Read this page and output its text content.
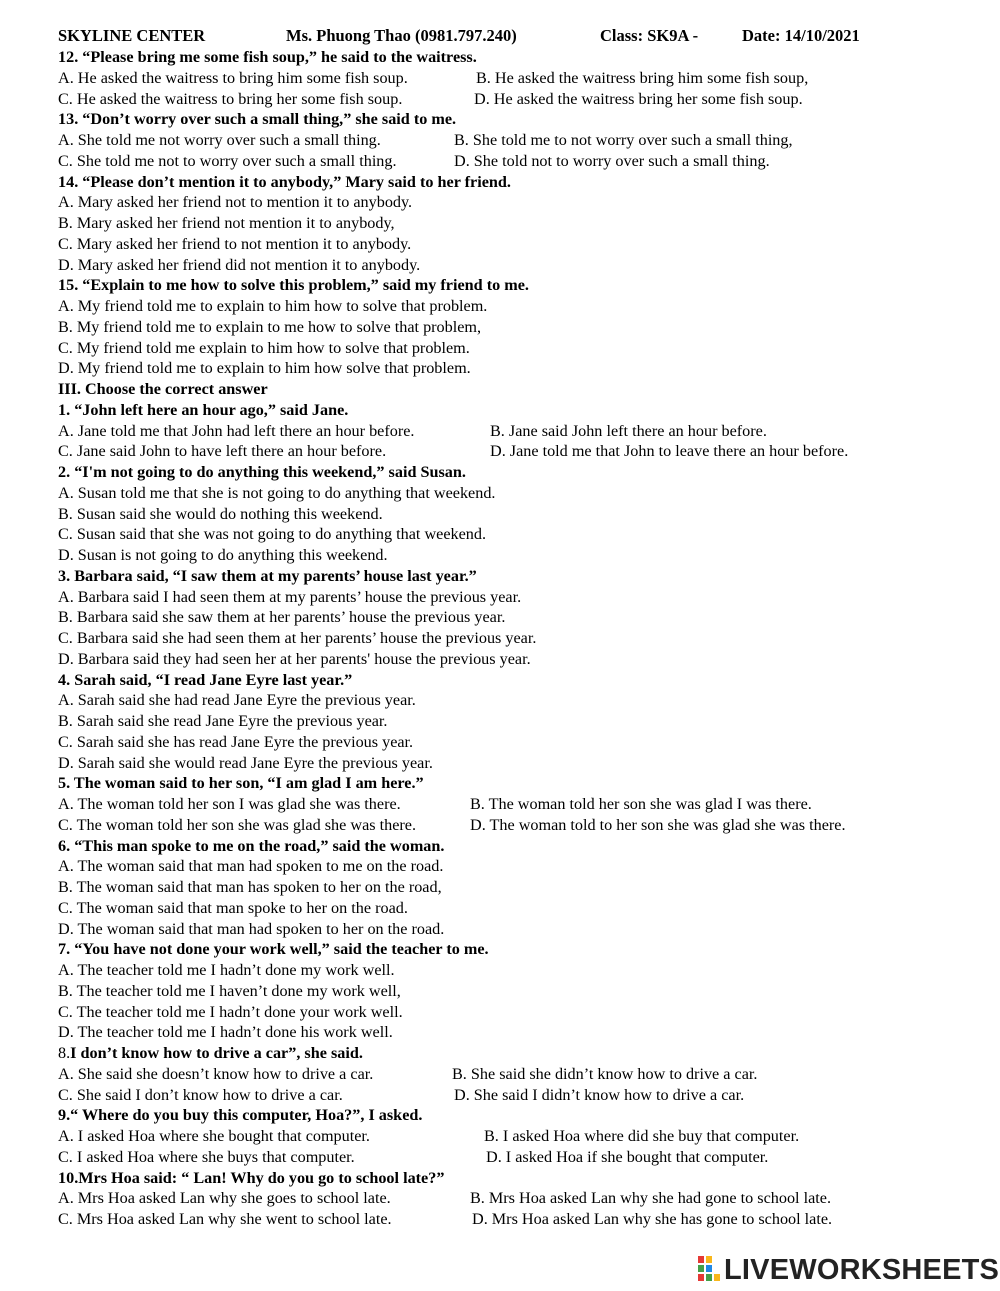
SKYLINE CENTER	Ms. Phuong Thao (0981.797.240)	Class: SK9A -	Date: 14/10/2021
12. “Please bring me some fish soup,” he said to the waitress.
A. He asked the waitress to bring him some fish soup.	B. He asked the waitress bring him some fish soup,
C. He asked the waitress to bring her some fish soup.	D. He asked the waitress bring her some fish soup.
13. “Don’t worry over such a small thing,” she said to me.
A. She told me not worry over such a small thing.	B. She told me to not worry over such a small thing,
C. She told me not to worry over such a small thing.	D. She told not to worry over such a small thing.
14. “Please don’t mention it to anybody,” Mary said to her friend.
A. Mary asked her friend not to mention it to anybody.
B. Mary asked her friend not mention it to anybody,
C. Mary asked her friend to not mention it to anybody.
D. Mary asked her friend did not mention it to anybody.
15. “Explain to me how to solve this problem,” said my friend to me.
A. My friend told me to explain to him how to solve that problem.
B. My friend told me to explain to me how to solve that problem,
C. My friend told me explain to him how to solve that problem.
D. My friend told me to explain to him how solve that problem.
III. Choose the correct answer
1. “John left here an hour ago,” said Jane.
A. Jane told me that John had left there an hour before.	B. Jane said John left there an hour before.
C. Jane said John to have left there an hour before.	D. Jane told me that John to leave there an hour before.
2. “I'm not going to do anything this weekend,” said Susan.
A. Susan told me that she is not going to do anything that weekend.
B. Susan said she would do nothing this weekend.
C. Susan said that she was not going to do anything that weekend.
D. Susan is not going to do anything this weekend.
3. Barbara said, “I saw them at my parents’ house last year.”
A. Barbara said I had seen them at my parents’ house the previous year.
B. Barbara said she saw them at her parents’ house the previous year.
C. Barbara said she had seen them at her parents’ house the previous year.
D. Barbara said they had seen her at her parents' house the previous year.
4. Sarah said, “I read Jane Eyre last year.”
A. Sarah said she had read Jane Eyre the previous year.
B. Sarah said she read Jane Eyre the previous year.
C. Sarah said she has read Jane Eyre the previous year.
D. Sarah said she would read Jane Eyre the previous year.
5. The woman said to her son, “I am glad I am here.”
A. The woman told her son I was glad she was there.	B. The woman told her son she was glad I was there.
C. The woman told her son she was glad she was there.	D. The woman told to her son she was glad she was there.
6. “This man spoke to me on the road,” said the woman.
A. The woman said that man had spoken to me on the road.
B. The woman said that man has spoken to her on the road,
C. The woman said that man spoke to her on the road.
D. The woman said that man had spoken to her on the road.
7. “You have not done your work well,” said the teacher to me.
A. The teacher told me I hadn’t done my work well.
B. The teacher told me I haven’t done my work well,
C. The teacher told me I hadn’t done your work well.
D. The teacher told me I hadn’t done his work well.
8.I don’t know how to drive a car”, she said.
A. She said she doesn’t know how to drive a car.	B. She said she didn’t know how to drive a car.
C. She said I don’t know how to drive a car.	D. She said I didn’t know how to drive a car.
9.“ Where do you buy this computer, Hoa?”, I asked.
A. I asked Hoa where she bought that computer.	B. I asked Hoa where did she buy that computer.
C. I asked Hoa where she buys that computer.	D. I asked Hoa if she bought that computer.
10.Mrs Hoa said: “ Lan! Why do you go to school late?”
A. Mrs Hoa asked Lan why she goes to school late.	B. Mrs Hoa asked Lan why she had gone to school late.
C. Mrs Hoa asked Lan why she went to school late.	D. Mrs Hoa asked Lan why she has gone to school late.
LIVEWORKSHEETS
